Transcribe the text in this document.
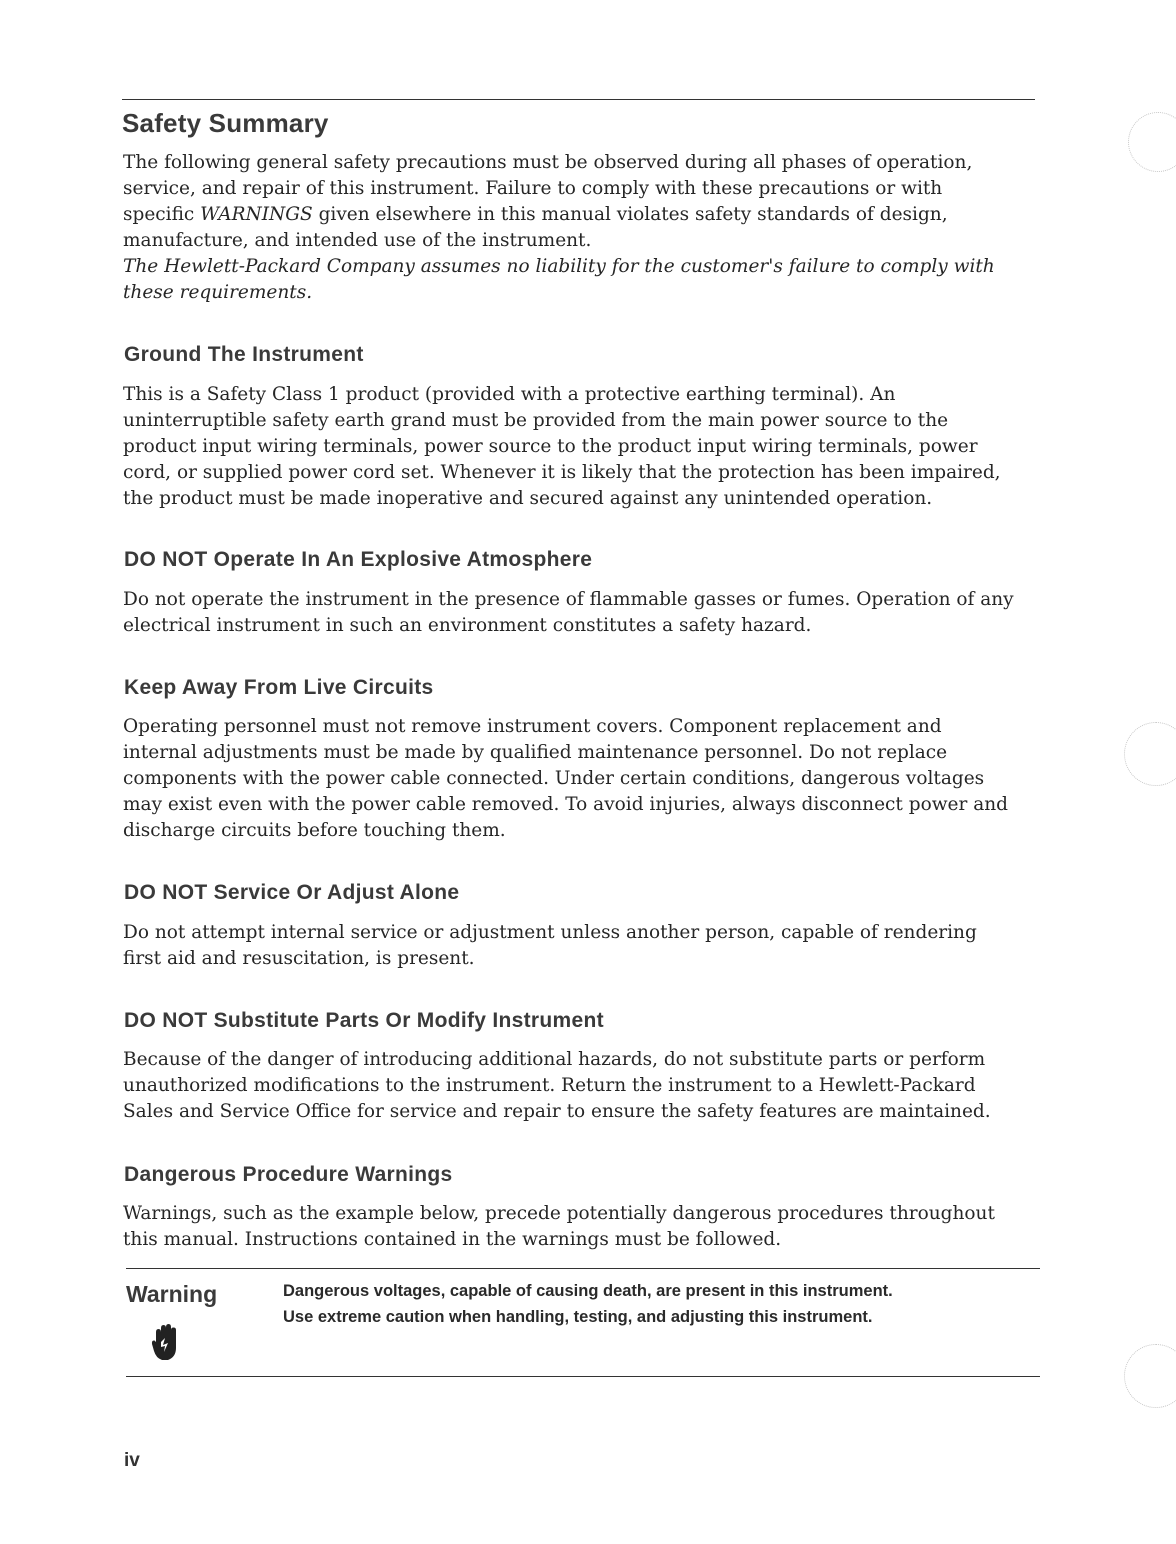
Safety Summary

The following general safety precautions must be observed during all phases of operation,
service, and repair of this instrument. Failure to comply with these precautions or with
specific WARNINGS given elsewhere in this manual violates safety standards of design,
manufacture, and intended use of the instrument.
The Hewlett-Packard Company assumes no liability for the customer's failure to comply with
these requirements.

Ground The Instrument

This is a Safety Class 1 product (provided with a protective earthing terminal). An
uninterruptible safety earth grand must be provided from the main power source to the
product input wiring terminals, power source to the product input wiring terminals, power
cord, or supplied power cord set. Whenever it is likely that the protection has been impaired,
the product must be made inoperative and secured against any unintended operation.

DO NOT Operate In An Explosive Atmosphere

Do not operate the instrument in the presence of flammable gasses or fumes. Operation of any
electrical instrument in such an environment constitutes a safety hazard.

Keep Away From Live Circuits

Operating personnel must not remove instrument covers. Component replacement and
internal adjustments must be made by qualified maintenance personnel. Do not replace
components with the power cable connected. Under certain conditions, dangerous voltages
may exist even with the power cable removed. To avoid injuries, always disconnect power and
discharge circuits before touching them.

DO NOT Service Or Adjust Alone

Do not attempt internal service or adjustment unless another person, capable of rendering
first aid and resuscitation, is present.

DO NOT Substitute Parts Or Modify Instrument

Because of the danger of introducing additional hazards, do not substitute parts or perform
unauthorized modifications to the instrument. Return the instrument to a Hewlett-Packard
Sales and Service Office for service and repair to ensure the safety features are maintained.

Dangerous Procedure Warnings

Warnings, such as the example below, precede potentially dangerous procedures throughout
this manual. Instructions contained in the warnings must be followed.

Warning	Dangerous voltages, capable of causing death, are present in this instrument.
Use extreme caution when handling, testing, and adjusting this instrument.

iv
